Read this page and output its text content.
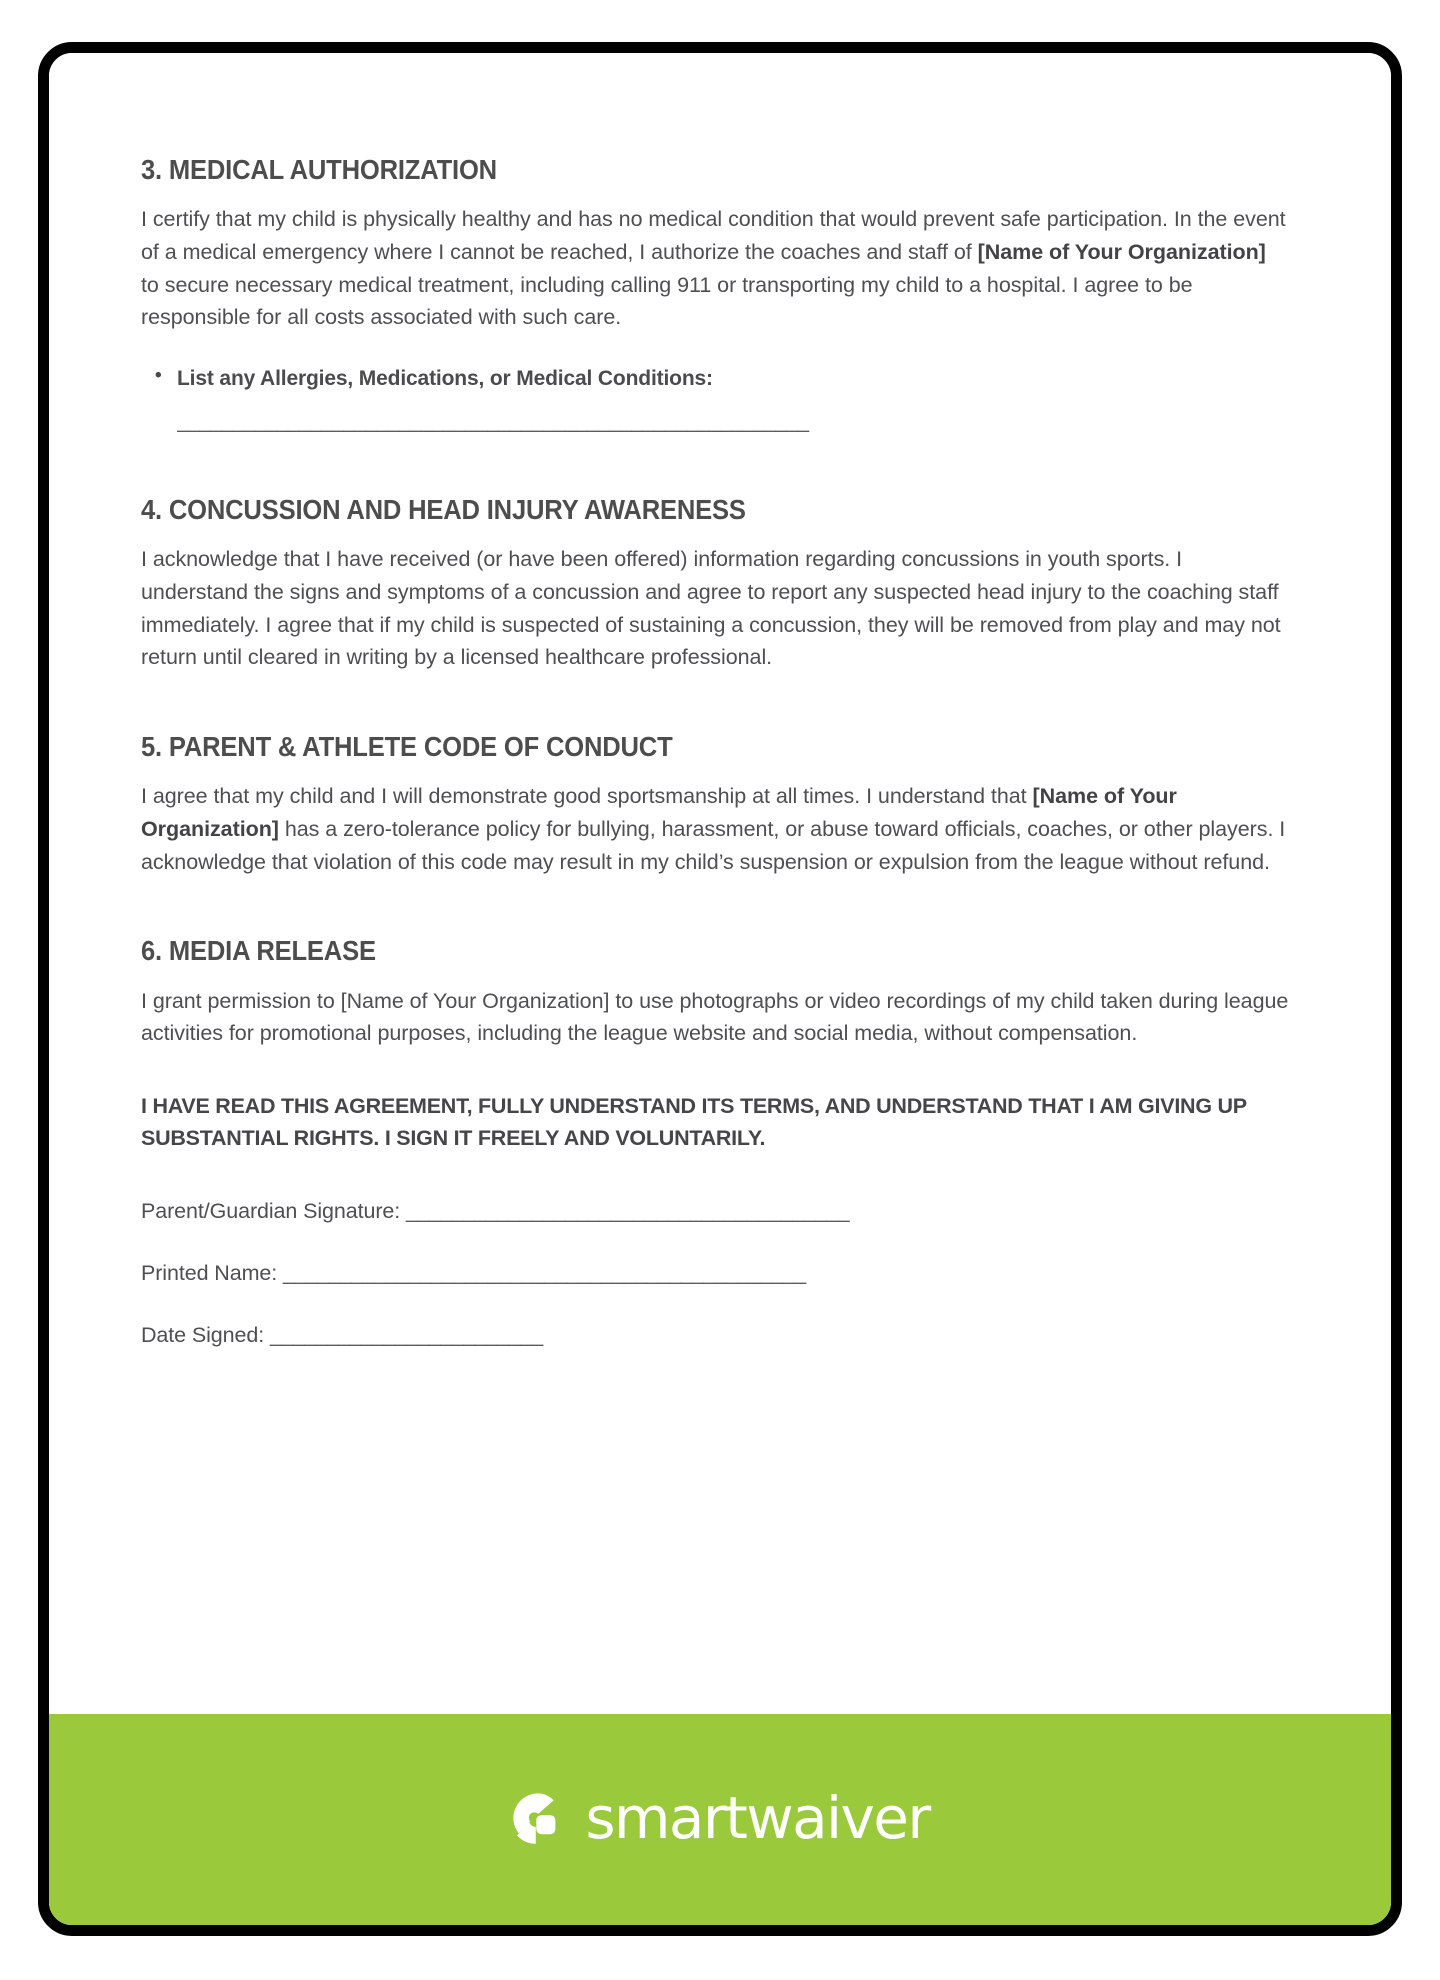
3. MEDICAL AUTHORIZATION

I certify that my child is physically healthy and has no medical condition that would prevent safe participation. In the event of a medical emergency where I cannot be reached, I authorize the coaches and staff of [Name of Your Organization] to secure necessary medical treatment, including calling 911 or transporting my child to a hospital. I agree to be responsible for all costs associated with such care.

• List any Allergies, Medications, or Medical Conditions:
_________________________________________________________
4. CONCUSSION AND HEAD INJURY AWARENESS

I acknowledge that I have received (or have been offered) information regarding concussions in youth sports. I understand the signs and symptoms of a concussion and agree to report any suspected head injury to the coaching staff immediately. I agree that if my child is suspected of sustaining a concussion, they will be removed from play and may not return until cleared in writing by a licensed healthcare professional.

5. PARENT & ATHLETE CODE OF CONDUCT

I agree that my child and I will demonstrate good sportsmanship at all times. I understand that [Name of Your Organization] has a zero-tolerance policy for bullying, harassment, or abuse toward officials, coaches, or other players. I acknowledge that violation of this code may result in my child’s suspension or expulsion from the league without refund.

6. MEDIA RELEASE

I grant permission to [Name of Your Organization] to use photographs or video recordings of my child taken during league activities for promotional purposes, including the league website and social media, without compensation.

I HAVE READ THIS AGREEMENT, FULLY UNDERSTAND ITS TERMS, AND UNDERSTAND THAT I AM GIVING UP SUBSTANTIAL RIGHTS. I SIGN IT FREELY AND VOLUNTARILY.

Parent/Guardian Signature: _______________________________________
Printed Name: ______________________________________________
Date Signed: ________________________
smartwaiver
